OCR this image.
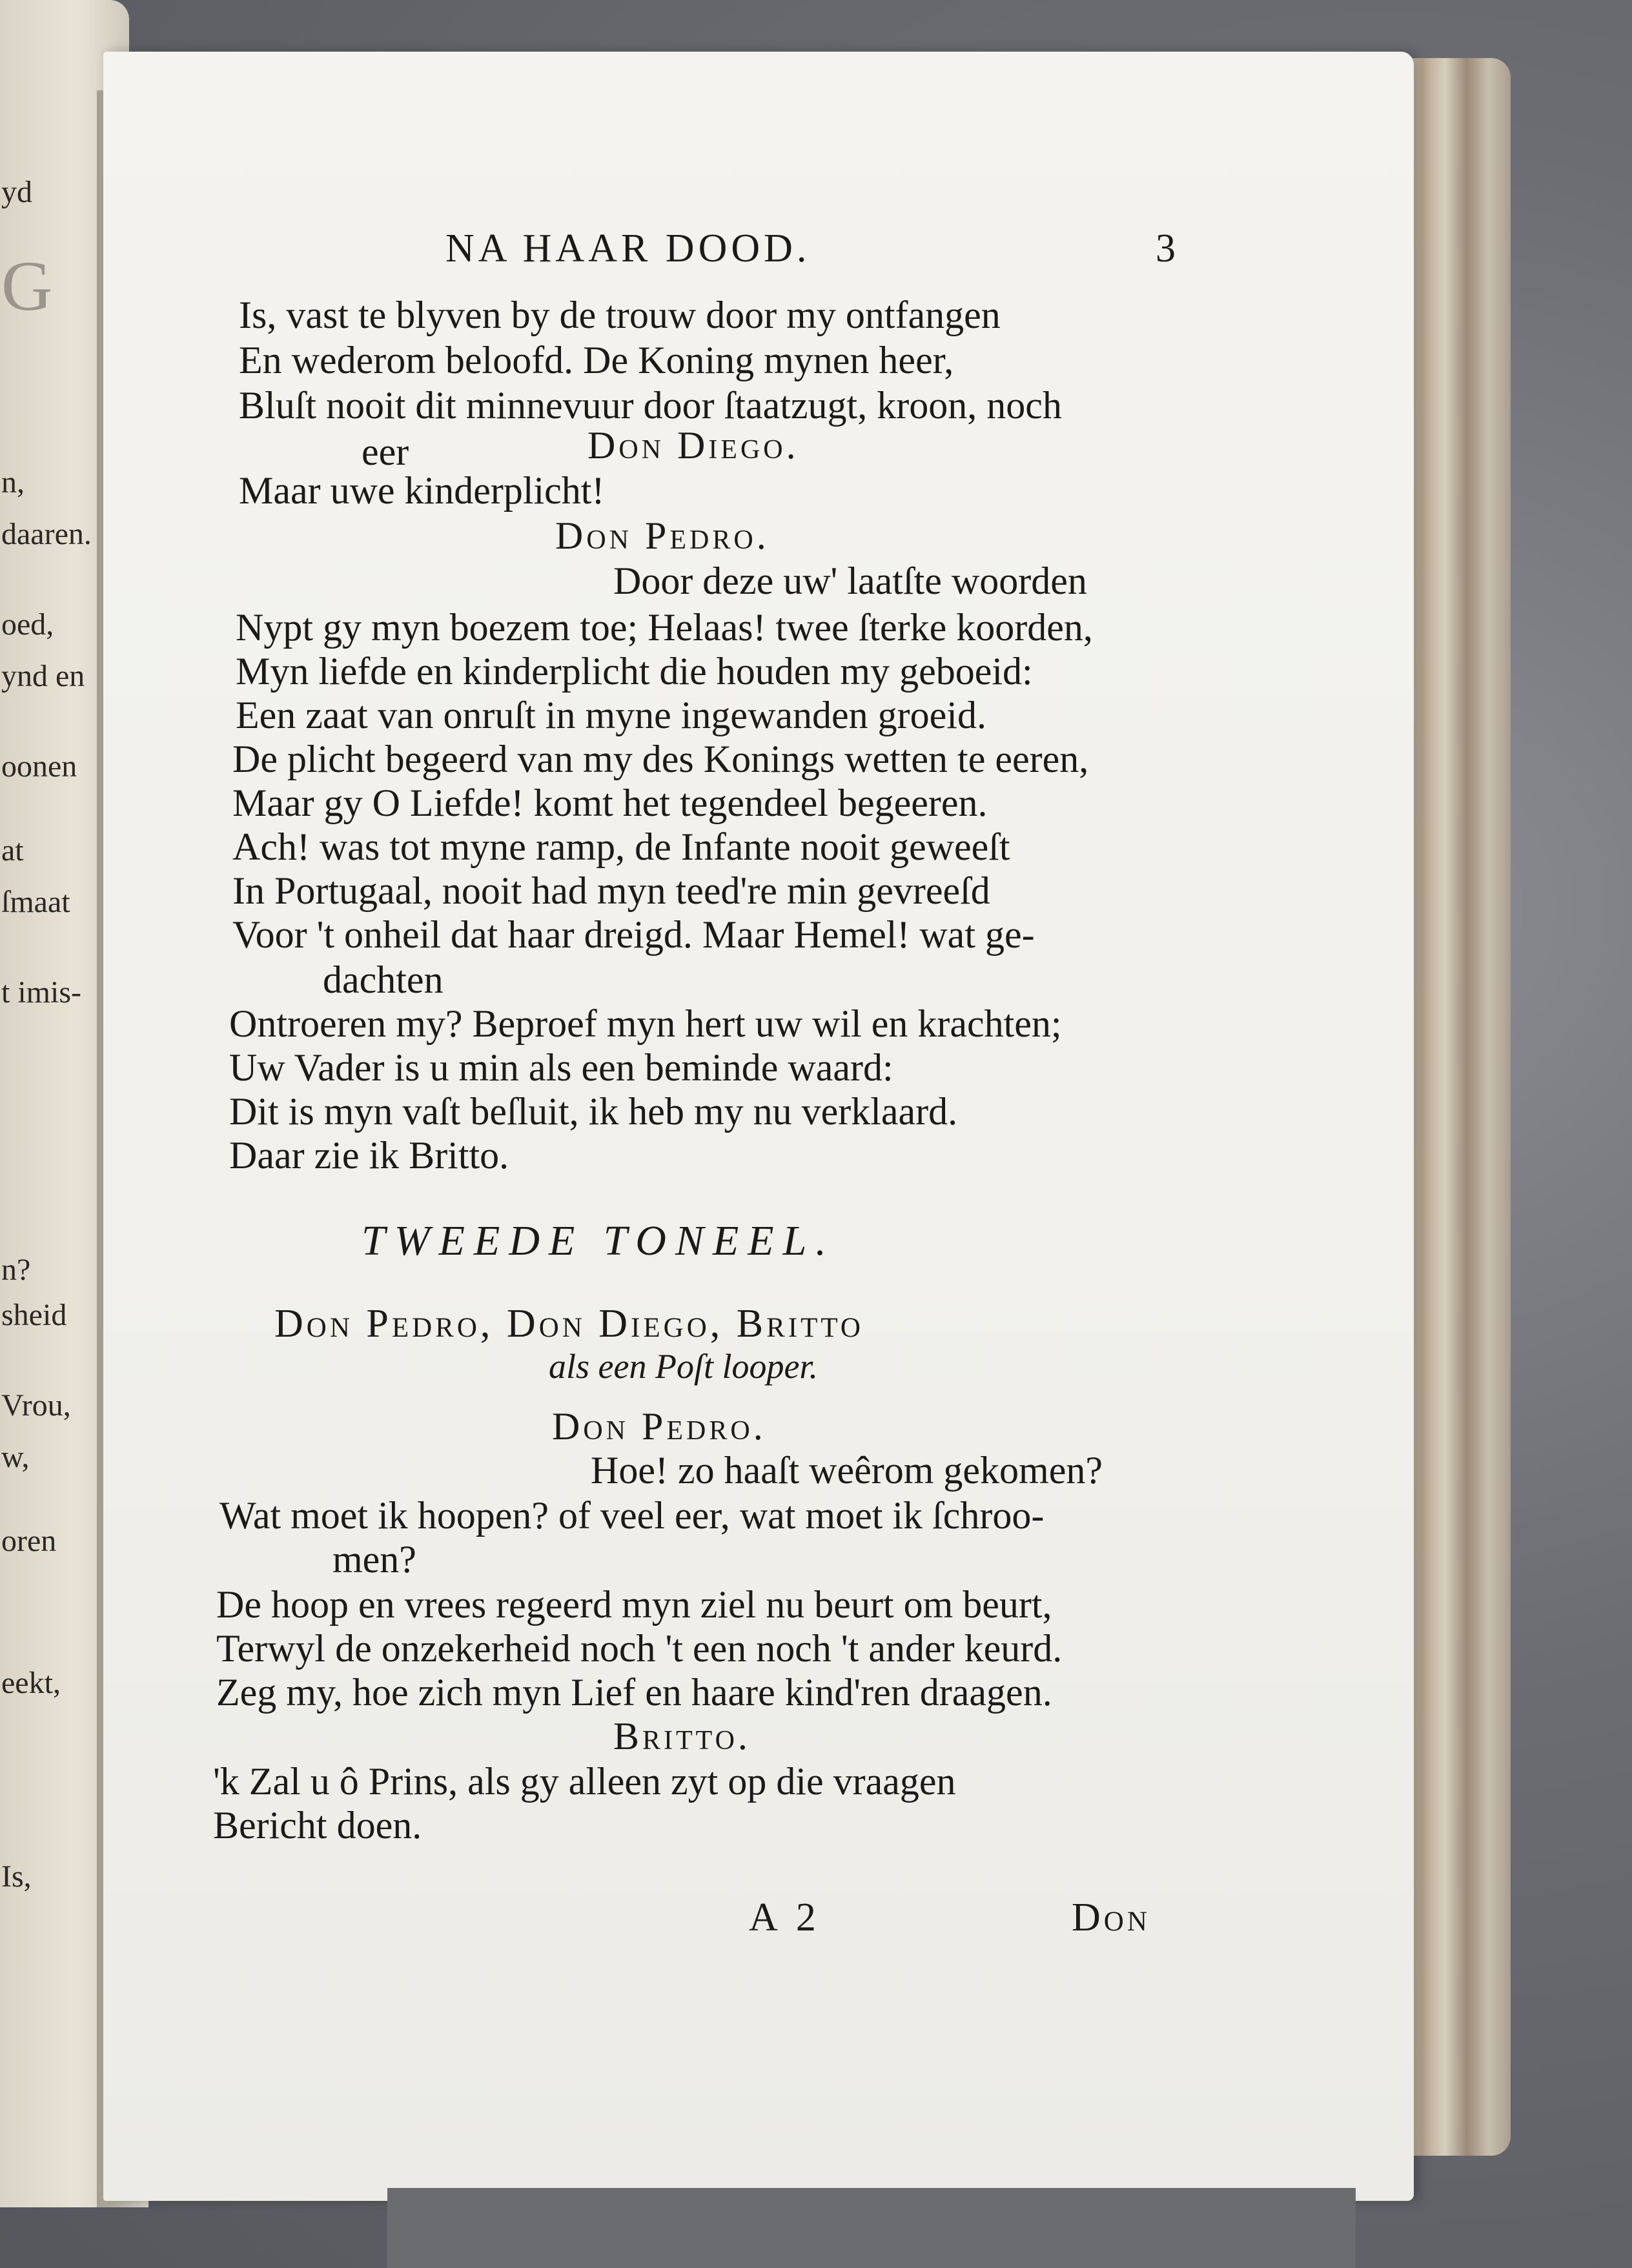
yd
G
n,
daaren.
oed,
ynd en
oonen
at
ſmaat
t imis-
n?
sheid
Vrou,
w,
oren
eekt,
Is,
NA HAAR DOOD.	3
Is, vast te blyven by de trouw door my ontfangen
En wederom beloofd. De Koning mynen heer,
Bluſt nooit dit minnevuur door ſtaatzugt, kroon, noch
eer	Don Diego.
Maar uwe kinderplicht!
Don Pedro.
Door deze uw' laatſte woorden
Nypt gy myn boezem toe; Helaas! twee ſterke koorden,
Myn liefde en kinderplicht die houden my geboeid:
Een zaat van onruſt in myne ingewanden groeid.
De plicht begeerd van my des Konings wetten te eeren,
Maar gy O Liefde! komt het tegendeel begeeren.
Ach! was tot myne ramp, de Infante nooit geweeſt
In Portugaal, nooit had myn teed're min gevreeſd
Voor 't onheil dat haar dreigd. Maar Hemel! wat ge-
dachten
Ontroeren my? Beproef myn hert uw wil en krachten;
Uw Vader is u min als een beminde waard:
Dit is myn vaſt beſluit, ik heb my nu verklaard.
Daar zie ik Britto.
TWEEDE TONEEL.
Don Pedro, Don Diego, Britto
als een Poſt looper.
Don Pedro.
Hoe! zo haaſt weêrom gekomen?
Wat moet ik hoopen? of veel eer, wat moet ik ſchroo-
men?
De hoop en vrees regeerd myn ziel nu beurt om beurt,
Terwyl de onzekerheid noch 't een noch 't ander keurd.
Zeg my, hoe zich myn Lief en haare kind'ren draagen.
Britto.
'k Zal u ô Prins, als gy alleen zyt op die vraagen
Bericht doen.
A 2	Don
